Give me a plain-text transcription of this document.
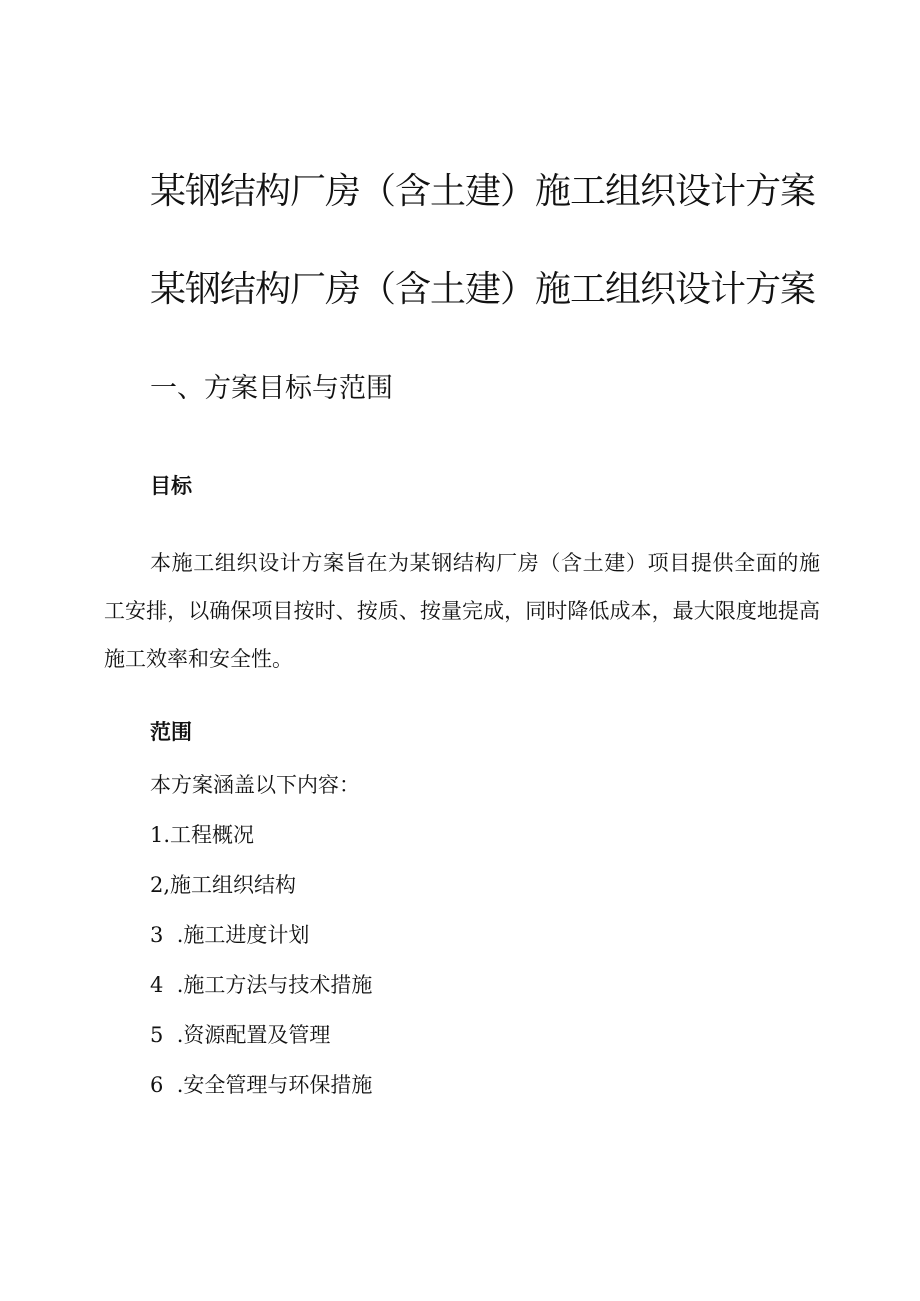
某钢结构厂房（含土建）施工组织设计方案
某钢结构厂房（含土建）施工组织设计方案
一、方案目标与范围
目标

本施工组织设计方案旨在为某钢结构厂房（含土建）项目提供全面的施工安排，以确保项目按时、按质、按量完成，同时降低成本，最大限度地提高施工效率和安全性。

范围
本方案涵盖以下内容：
1.工程概况
2,施工组织结构
3  .施工进度计划
4  .施工方法与技术措施
5  .资源配置及管理
6  .安全管理与环保措施
